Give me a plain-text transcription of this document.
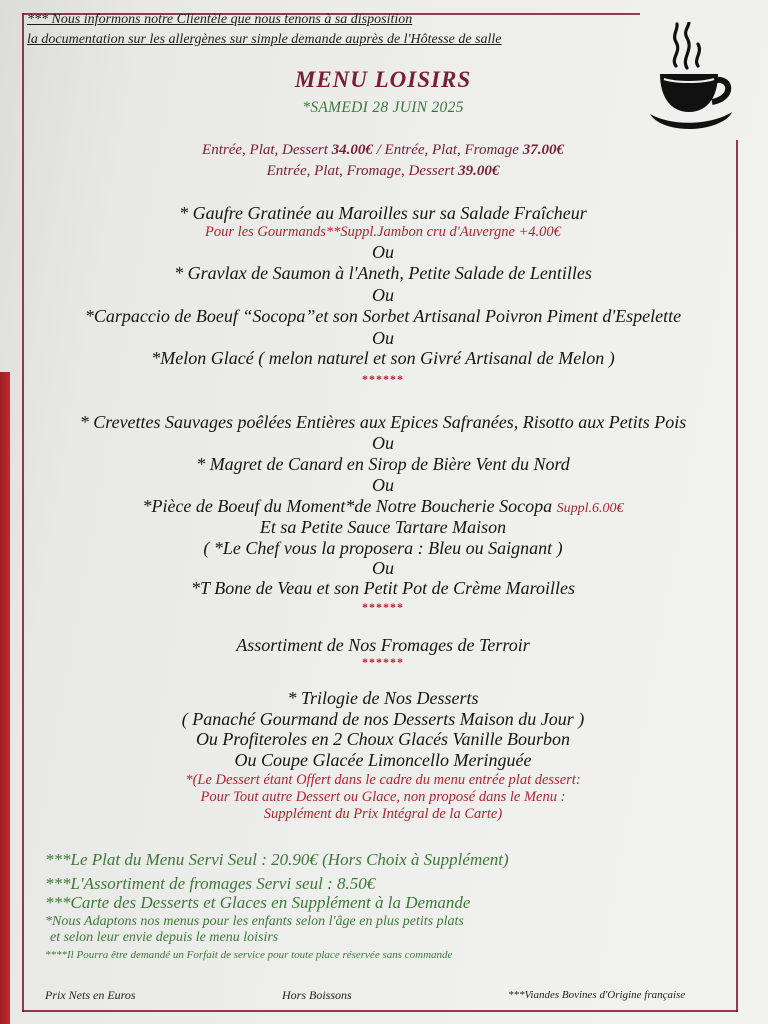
*** Nous informons notre Clientèle que nous tenons à sa disposition
la documentation sur les allergènes sur simple demande auprès de l'Hôtesse de salle
MENU LOISIRS
*SAMEDI 28 JUIN 2025
Entrée, Plat, Dessert 34.00€ / Entrée, Plat, Fromage 37.00€
Entrée, Plat, Fromage, Dessert 39.00€
* Gaufre Gratinée au Maroilles sur sa Salade Fraîcheur
Pour les Gourmands**Suppl.Jambon cru d'Auvergne +4.00€
Ou
* Gravlax de Saumon à l'Aneth, Petite Salade de Lentilles
Ou
*Carpaccio de Boeuf “Socopa”et son Sorbet Artisanal Poivron Piment d'Espelette
Ou
*Melon Glacé ( melon naturel et son Givré Artisanal de Melon )
******
* Crevettes Sauvages poêlées Entières aux Epices Safranées, Risotto aux Petits Pois
Ou
* Magret de Canard en Sirop de Bière Vent du Nord
Ou
*Pièce de Boeuf du Moment*de Notre Boucherie Socopa Suppl.6.00€
Et sa Petite Sauce Tartare Maison
( *Le Chef vous la proposera : Bleu ou Saignant )
Ou
*T Bone de Veau et son Petit Pot de Crème Maroilles
******
Assortiment de Nos Fromages de Terroir
******
* Trilogie de Nos Desserts
( Panaché Gourmand de nos Desserts Maison du Jour )
Ou Profiteroles en 2 Choux Glacés Vanille Bourbon
Ou Coupe Glacée Limoncello Meringuée
*(Le Dessert étant Offert dans le cadre du menu entrée plat dessert:
Pour Tout autre Dessert ou Glace, non proposé dans le Menu :
Supplément du Prix Intégral de la Carte)
***Le Plat du Menu Servi Seul : 20.90€ (Hors Choix à Supplément)
***L'Assortiment de fromages Servi seul : 8.50€
***Carte des Desserts et Glaces en Supplément à la Demande
*Nous Adaptons nos menus pour les enfants selon l'âge en plus petits plats
et selon leur envie depuis le menu loisirs
****Il Pourra être demandé un Forfait de service pour toute place réservée sans commande
Prix Nets en Euros	Hors Boissons	***Viandes Bovines d'Origine française
